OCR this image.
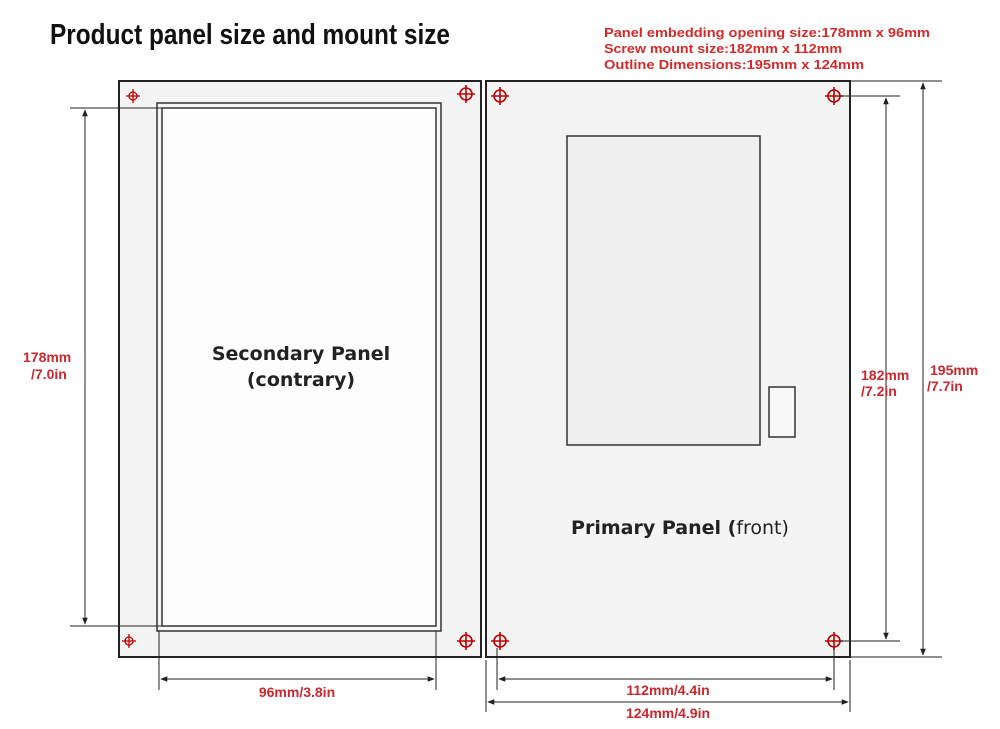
Product panel size and mount size	Panel embedding opening size:178mm x 96mm
Screw mount size:182mm x 112mm
Outline Dimensions:195mm x 124mm
Secondary Panel
(contrary)
Primary Panel (front)
178mm
/7.0in	182mm
/7.2in
195mm
/7.7in
96mm/3.8in	112mm/4.4in
124mm/4.9in
